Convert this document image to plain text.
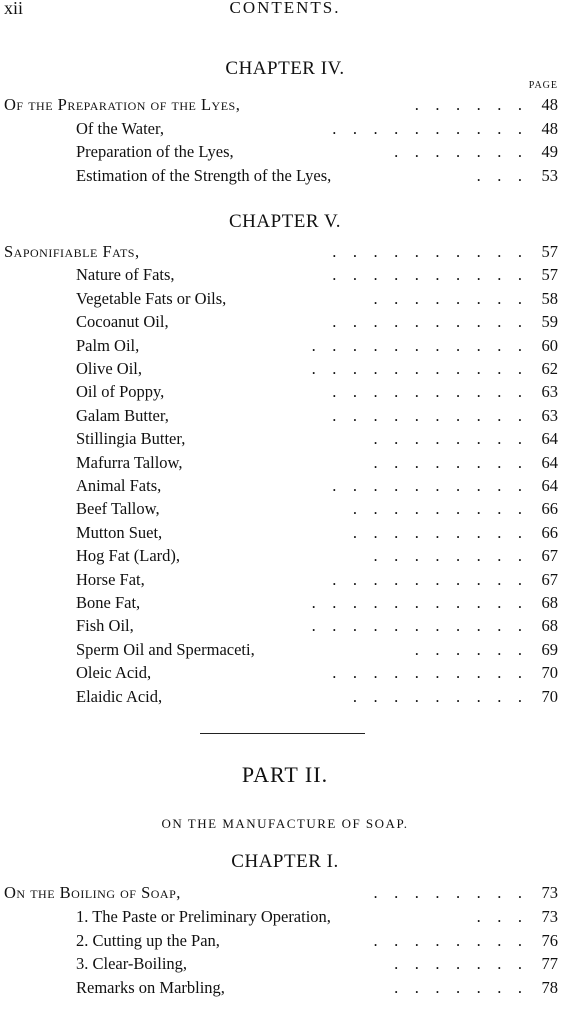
xii	CONTENTS.
CHAPTER IV.
PAGE
Of the Preparation of the Lyes,	.    .    .    .    .    .	48
Of the Water,	.    .    .    .    .    .    .    .    .    .	48
Preparation of the Lyes,	.    .    .    .    .    .    .	49
Estimation of the Strength of the Lyes,	.    .    .	53
CHAPTER V.
Saponifiable Fats,	.    .    .    .    .    .    .    .    .    .	57
Nature of Fats,	.    .    .    .    .    .    .    .    .    .	57
Vegetable Fats or Oils,	.    .    .    .    .    .    .    .	58
Cocoanut Oil,	.    .    .    .    .    .    .    .    .    .	59
Palm Oil,	.    .    .    .    .    .    .    .    .    .    .	60
Olive Oil,	.    .    .    .    .    .    .    .    .    .    .	62
Oil of Poppy,	.    .    .    .    .    .    .    .    .    .	63
Galam Butter,	.    .    .    .    .    .    .    .    .    .	63
Stillingia Butter,	.    .    .    .    .    .    .    .	64
Mafurra Tallow,	.    .    .    .    .    .    .    .	64
Animal Fats,	.    .    .    .    .    .    .    .    .    .	64
Beef Tallow,	.    .    .    .    .    .    .    .    .	66
Mutton Suet,	.    .    .    .    .    .    .    .    .	66
Hog Fat (Lard),	.    .    .    .    .    .    .    .	67
Horse Fat,	.    .    .    .    .    .    .    .    .    .	67
Bone Fat,	.    .    .    .    .    .    .    .    .    .    .	68
Fish Oil,	.    .    .    .    .    .    .    .    .    .    .	68
Sperm Oil and Spermaceti,	.    .    .    .    .    .	69
Oleic Acid,	.    .    .    .    .    .    .    .    .    .	70
Elaidic Acid,	.    .    .    .    .    .    .    .    .	70
PART II.
ON THE MANUFACTURE OF SOAP.
CHAPTER I.
On the Boiling of Soap,	.    .    .    .    .    .    .    .	73
1. The Paste or Preliminary Operation,	.    .    .	73
2. Cutting up the Pan,	.    .    .    .    .    .    .    .	76
3. Clear-Boiling,	.    .    .    .    .    .    .	77
Remarks on Marbling,	.    .    .    .    .    .    .	78
